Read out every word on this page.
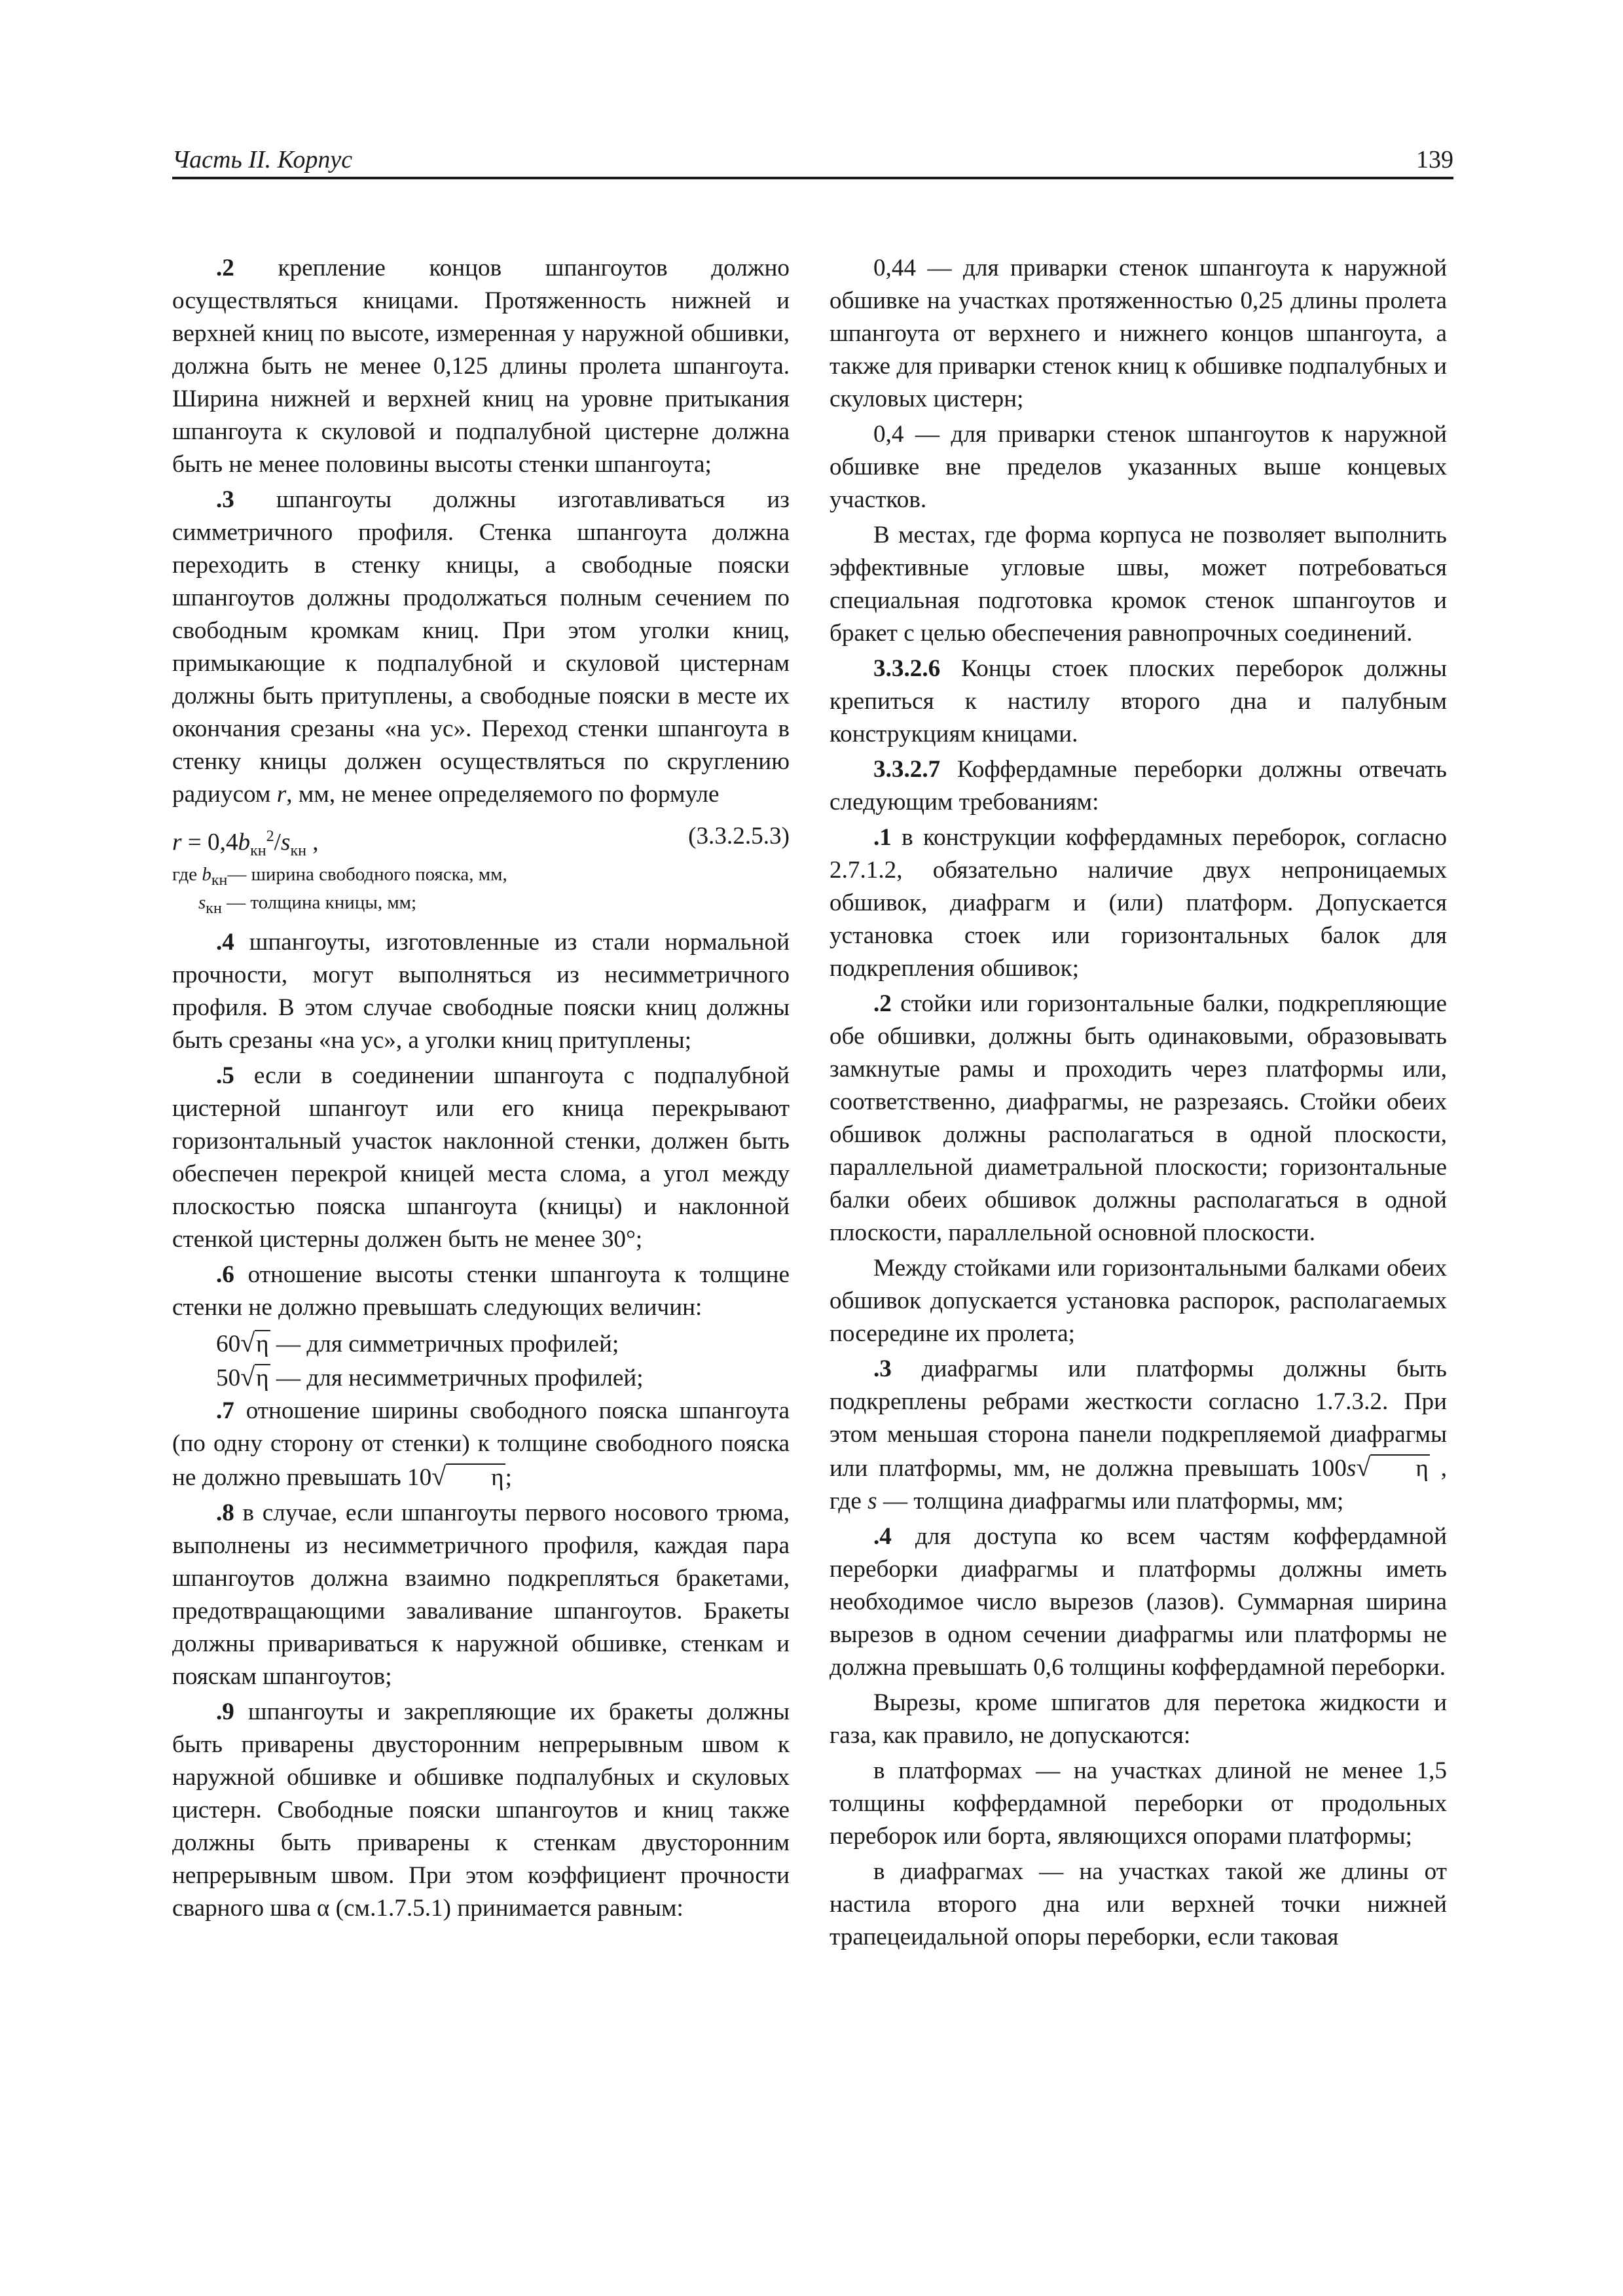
Часть II. Корпус	139

.2 крепление концов шпангоутов должно осуществляться кницами. Протяженность нижней и верхней книц по высоте, измеренная у наружной обшивки, должна быть не менее 0,125 длины пролета шпангоута. Ширина нижней и верхней книц на уровне притыкания шпангоута к скуловой и подпалубной цистерне должна быть не менее половины высоты стенки шпангоута;

.3 шпангоуты должны изготавливаться из симметричного профиля. Стенка шпангоута должна переходить в стенку кницы, а свободные пояски шпангоутов должны продолжаться полным сечением по свободным кромкам книц. При этом уголки книц, примыкающие к подпалубной и скуловой цистернам должны быть притуплены, а свободные пояски в месте их окончания срезаны «на ус». Переход стенки шпангоута в стенку кницы должен осуществляться по скруглению радиусом r, мм, не менее определяемого по формуле

$r = 0,4b_{кн}^2/s_{кн}$ ,	(3.3.2.5.3)
где $b_{кн}—$ ширина свободного пояска, мм,
$s_{кн}$ — толщина кницы, мм;

.4 шпангоуты, изготовленные из стали нормальной прочности, могут выполняться из несимметричного профиля. В этом случае свободные пояски книц должны быть срезаны «на ус», а уголки книц притуплены;

.5 если в соединении шпангоута с подпалубной цистерной шпангоут или его кница перекрывают горизонтальный участок наклонной стенки, должен быть обеспечен перекрой кницей места слома, а угол между плоскостью пояска шпангоута (кницы) и наклонной стенкой цистерны должен быть не менее 30°;

.6 отношение высоты стенки шпангоута к толщине стенки не должно превышать следующих величин:

60√η — для симметричных профилей;
50√η — для несимметричных профилей;

.7 отношение ширины свободного пояска шпангоута (по одну сторону от стенки) к толщине свободного пояска не должно превышать 10√ η;

.8 в случае, если шпангоуты первого носового трюма, выполнены из несимметричного профиля, каждая пара шпангоутов должна взаимно подкрепляться бракетами, предотвращающими заваливание шпангоутов. Бракеты должны привариваться к наружной обшивке, стенкам и пояскам шпангоутов;

.9 шпангоуты и закрепляющие их бракеты должны быть приварены двусторонним непрерывным швом к наружной обшивке и обшивке подпалубных и скуловых цистерн. Свободные пояски шпангоутов и книц также должны быть приварены к стенкам двусторонним непрерывным швом. При этом коэффициент прочности сварного шва α (см.1.7.5.1) принимается равным:

0,44 — для приварки стенок шпангоута к наружной обшивке на участках протяженностью 0,25 длины пролета шпангоута от верхнего и нижнего концов шпангоута, а также для приварки стенок книц к обшивке подпалубных и скуловых цистерн;

0,4 — для приварки стенок шпангоутов к наружной обшивке вне пределов указанных выше концевых участков.

В местах, где форма корпуса не позволяет выполнить эффективные угловые швы, может потребоваться специальная подготовка кромок стенок шпангоутов и бракет с целью обеспечения равнопрочных соединений.

3.3.2.6 Концы стоек плоских переборок должны крепиться к настилу второго дна и палубным конструкциям кницами.

3.3.2.7 Коффердамные переборки должны отвечать следующим требованиям:

.1 в конструкции коффердамных переборок, согласно 2.7.1.2, обязательно наличие двух непроницаемых обшивок, диафрагм и (или) платформ. Допускается установка стоек или горизонтальных балок для подкрепления обшивок;

.2 стойки или горизонтальные балки, подкрепляющие обе обшивки, должны быть одинаковыми, образовывать замкнутые рамы и проходить через платформы или, соответственно, диафрагмы, не разрезаясь. Стойки обеих обшивок должны располагаться в одной плоскости, параллельной диаметральной плоскости; горизонтальные балки обеих обшивок должны располагаться в одной плоскости, параллельной основной плоскости.

Между стойками или горизонтальными балками обеих обшивок допускается установка распорок, располагаемых посередине их пролета;

.3 диафрагмы или платформы должны быть подкреплены ребрами жесткости согласно 1.7.3.2. При этом меньшая сторона панели подкрепляемой диафрагмы или платформы, мм, не должна превышать 100s√ η , где s — толщина диафрагмы или платформы, мм;

.4 для доступа ко всем частям коффердамной переборки диафрагмы и платформы должны иметь необходимое число вырезов (лазов). Суммарная ширина вырезов в одном сечении диафрагмы или платформы не должна превышать 0,6 толщины коффердамной переборки.

Вырезы, кроме шпигатов для перетока жидкости и газа, как правило, не допускаются:

в платформах — на участках длиной не менее 1,5 толщины коффердамной переборки от продольных переборок или борта, являющихся опорами платформы;

в диафрагмах — на участках такой же длины от настила второго дна или верхней точки нижней трапецеидальной опоры переборки, если таковая
